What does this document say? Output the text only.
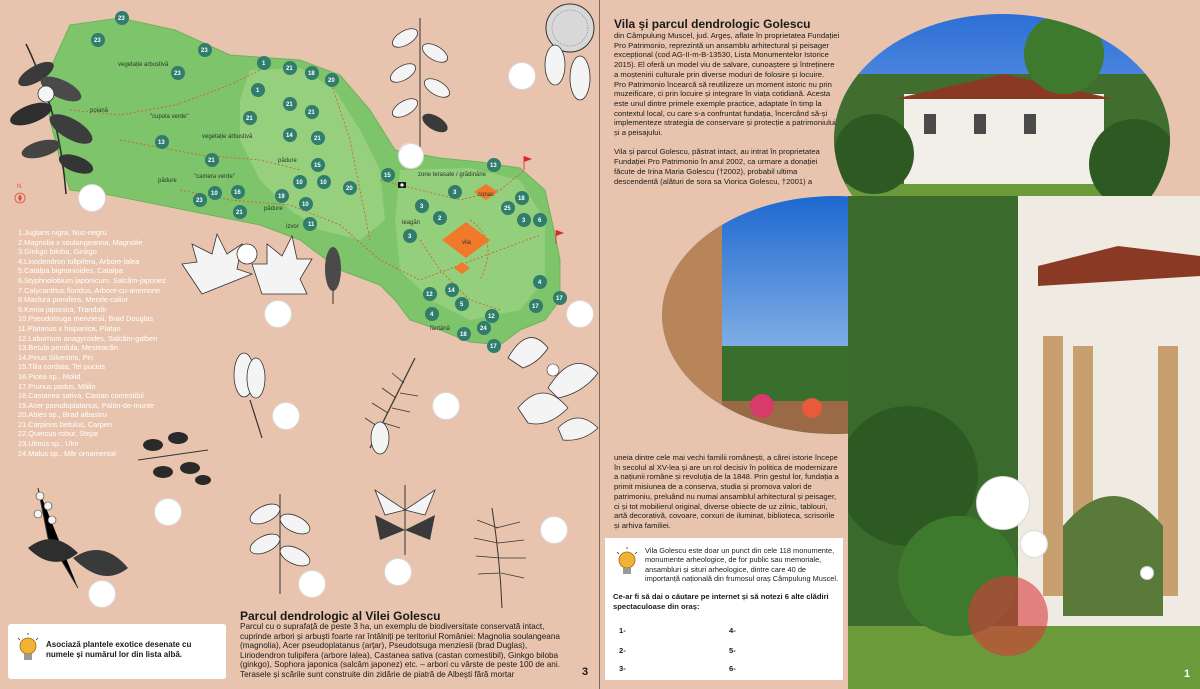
vegetație arbustivă
"cupola verde"
vegetație arbustivă
pădure
pădure
pădure
"camera verde"	zone terasate / grădinărie
leagăn
izvor
vila
conac
fântână
poiană
N
23
23
23
23
1
21
18
20
1
21
21
21
13
14	21
21
15
10	10
20
15
23
10
21
16
19
10
11
13
3
3	25
18
3 6
2
3
4
14
12
5
4	12
17
17
18
24
17
1.Juglans nigra, Nuc-negru
2.Magnolia x soulangeanna, Magnolie
3.Ginkgo biloba, Ginkgo
4.Linodendron tulipifera, Arbore-lalea
5.Catalpa bignonioides, Catalpa
6.Styphnolobium japonicum, Salcâm-japonez
7.Calycanthus floridus, Arbore-cu-anemone
8.Maclura pomifera, Merele-calior
9.Kerria japonica, Trandafir
10.Pseudotsuga menziesii, Brad Douglas
11.Platanus x hispanica, Platan
12.Laburnum anagyroides, Salcâm-galben
13.Betula pendula, Mesteacăn
14.Pinus Silvestris, Pin
15.Tilia cordata, Tei pucios
16.Picea sp., Molid
17.Prunus padus, Mălin
18.Castanea sativa, Castan comestibil
19.Acer pseudoplatanus, Paltin-de-munte
20.Abies sp., Brad albastru
21.Carpinus betulus, Carpen
22.Quercus robur, Stejar
23.Ulmus sp., Ulm
24.Malus sp., Măr ornamental
Parcul dendrologic al Vilei Golescu
Parcul cu o suprafață de peste 3 ha, un exemplu de biodiversitate conservată intact, cuprinde arbori și arbuști foarte rar întâlniți pe teritoriul României: Magnolia soulangeana (magnolia), Acer pseudoplatanus (arțar), Pseudotsuga menziesii (brad Duglas), Liriodendron tulipifera (arbore lalea), Castanea sativa (castan comestibil), Ginkgo biloba (ginkgo), Sophora japonica (salcâm japonez) etc. – arbori cu vârste de peste 100 de ani. Terasele și scările sunt construite din zidărie de piatră de Albești fără mortar	3
Asociază plantele exotice desenate cu numele și numărul lor din lista albă.
Vila și parcul dendrologic Golescu

din Câmpulung Muscel, jud. Argeș, aflate în proprietatea Fundației Pro Patrimonio, reprezintă un ansamblu arhitectural și peisager excepțional (cod AG-II-m-B-13530, Lista Monumentelor Istorice 2015). El oferă un model viu de salvare, cunoaștere și întreținere a moștenirii culturale prin diverse moduri de folosire și locuire.

Pro Patrimonio încearcă să reutilizeze un moment istoric nu prin muzeificare, ci prin locuire și integrare în viața cotidiană. Acesta este unul dintre primele exemple practice, adaptate în timp la contextul local, cu care s-a confruntat fundația, încercând să-și implementeze strategia de conservare și protecție a patrimoniului și a peisajului.

Vila și parcul Golescu, păstrat intact, au intrat în proprietatea Fundației Pro Patrimonio în anul 2002, ca urmare a donației făcute de Irina Maria Golescu (†2002), probabil ultima descendentă (alături de sora sa Viorica Golescu, †2001) a

uneia dintre cele mai vechi familii românești, a cărei istorie începe în secolul al XV-lea și are un rol decisiv în politica de modernizare a națiunii române și revoluția de la 1848. Prin gestul lor, fundația a primit misiunea de a conserva, studia și promova valori de patrimoniu, preluând nu numai ansamblul arhitectural și peisager, ci și tot mobilierul original, diverse obiecte de uz zilnic, tablouri, artă decorativă, covoare, corxuri de iluminat, biblioteca, scrisorile și arhiva familiei.
Vila Golescu este doar un punct din cele 118 monumente, monumente arheologice, de for public sau memoriale, ansambluri și situri arheologice, dintre care 40 de importanță națională din frumosul oraș Câmpulung Muscel.
Ce-ar fi să dai o căutare pe internet și să notezi 6 alte clădiri spectaculoase din oraș:
1-
2-
3-
4-
5-
6-	1
